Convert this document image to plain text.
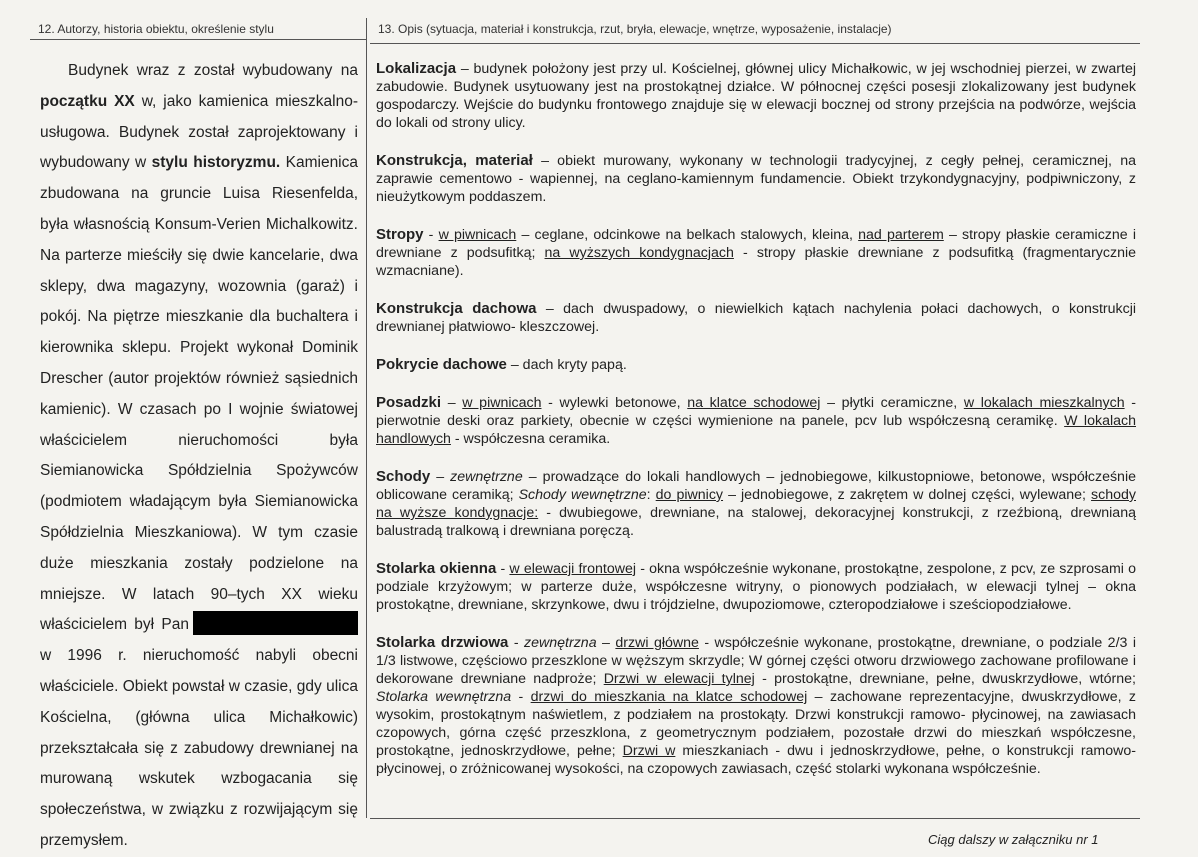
12. Autorzy, historia obiektu, określenie stylu	13. Opis (sytuacja, materiał i konstrukcja, rzut, bryła, elewacje, wnętrze, wyposażenie, instalacje)

Budynek wraz z został wybudowany na początku XX w, jako kamienica mieszkalno-usługowa. Budynek został zaprojektowany i wybudowany w stylu historyzmu. Kamienica zbudowana na gruncie Luisa Riesenfelda, była własnością Konsum-Verien Michalkowitz. Na parterze mieściły się dwie kancelarie, dwa sklepy, dwa magazyny, wozownia (garaż) i pokój. Na piętrze mieszkanie dla buchaltera i kierownika sklepu. Projekt wykonał Dominik Drescher (autor projektów również sąsiednich kamienic). W czasach po I wojnie światowej właścicielem nieruchomości była Siemianowicka Spółdzielnia Spożywców (podmiotem władającym była Siemianowicka Spółdzielnia Mieszkaniowa). W tym czasie duże mieszkania zostały podzielone na mniejsze. W latach 90–tych XX wieku właścicielem był Pan w 1996 r. nieruchomość nabyli obecni właściciele. Obiekt powstał w czasie, gdy ulica Kościelna, (główna ulica Michałkowic) przekształcała się z zabudowy drewnianej na murowaną wskutek wzbogacania się społeczeństwa, w związku z rozwijającym się przemysłem.

Lokalizacja – budynek położony jest przy ul. Kościelnej, głównej ulicy Michałkowic, w jej wschodniej pierzei, w zwartej zabudowie. Budynek usytuowany jest na prostokątnej działce. W północnej części posesji zlokalizowany jest budynek gospodarczy. Wejście do budynku frontowego znajduje się w elewacji bocznej od strony przejścia na podwórze, wejścia do lokali od strony ulicy.

Konstrukcja, materiał – obiekt murowany, wykonany w technologii tradycyjnej, z cegły pełnej, ceramicznej, na zaprawie cementowo - wapiennej, na ceglano-kamiennym fundamencie. Obiekt trzykondygnacyjny, podpiwniczony, z nieużytkowym poddaszem.

Stropy - w piwnicach – ceglane, odcinkowe na belkach stalowych, kleina, nad parterem – stropy płaskie ceramiczne i drewniane z podsufitką; na wyższych kondygnacjach - stropy płaskie drewniane z podsufitką (fragmentarycznie wzmacniane).

Konstrukcja dachowa – dach dwuspadowy, o niewielkich kątach nachylenia połaci dachowych, o konstrukcji drewnianej płatwiowo- kleszczowej.

Pokrycie dachowe – dach kryty papą.

Posadzki – w piwnicach - wylewki betonowe, na klatce schodowej – płytki ceramiczne, w lokalach mieszkalnych - pierwotnie deski oraz parkiety, obecnie w części wymienione na panele, pcv lub współczesną ceramikę. W lokalach handlowych - współczesna ceramika.

Schody – zewnętrzne – prowadzące do lokali handlowych – jednobiegowe, kilkustopniowe, betonowe, współcześnie oblicowane ceramiką; Schody wewnętrzne: do piwnicy – jednobiegowe, z zakrętem w dolnej części, wylewane; schody na wyższe kondygnacje: - dwubiegowe, drewniane, na stalowej, dekoracyjnej konstrukcji, z rzeźbioną, drewnianą balustradą tralkową i drewniana poręczą.

Stolarka okienna - w elewacji frontowej - okna współcześnie wykonane, prostokątne, zespolone, z pcv, ze szprosami o podziale krzyżowym; w parterze duże, współczesne witryny, o pionowych podziałach, w elewacji tylnej – okna prostokątne, drewniane, skrzynkowe, dwu i trójdzielne, dwupoziomowe, czteropodziałowe i sześciopodziałowe.

Stolarka drzwiowa - zewnętrzna – drzwi główne - współcześnie wykonane, prostokątne, drewniane, o podziale 2/3 i 1/3 listwowe, częściowo przeszklone w węższym skrzydle; W górnej części otworu drzwiowego zachowane profilowane i dekorowane drewniane nadproże; Drzwi w elewacji tylnej - prostokątne, drewniane, pełne, dwuskrzydłowe, wtórne; Stolarka wewnętrzna - drzwi do mieszkania na klatce schodowej – zachowane reprezentacyjne, dwuskrzydłowe, z wysokim, prostokątnym naświetlem, z podziałem na prostokąty. Drzwi konstrukcji ramowo- płycinowej, na zawiasach czopowych, górna część przeszklona, z geometrycznym podziałem, pozostałe drzwi do mieszkań współczesne, prostokątne, jednoskrzydłowe, pełne; Drzwi w mieszkaniach - dwu i jednoskrzydłowe, pełne, o konstrukcji ramowo- płycinowej, o zróżnicowanej wysokości, na czopowych zawiasach, część stolarki wykonana współcześnie.

Ciąg dalszy w załączniku nr 1
